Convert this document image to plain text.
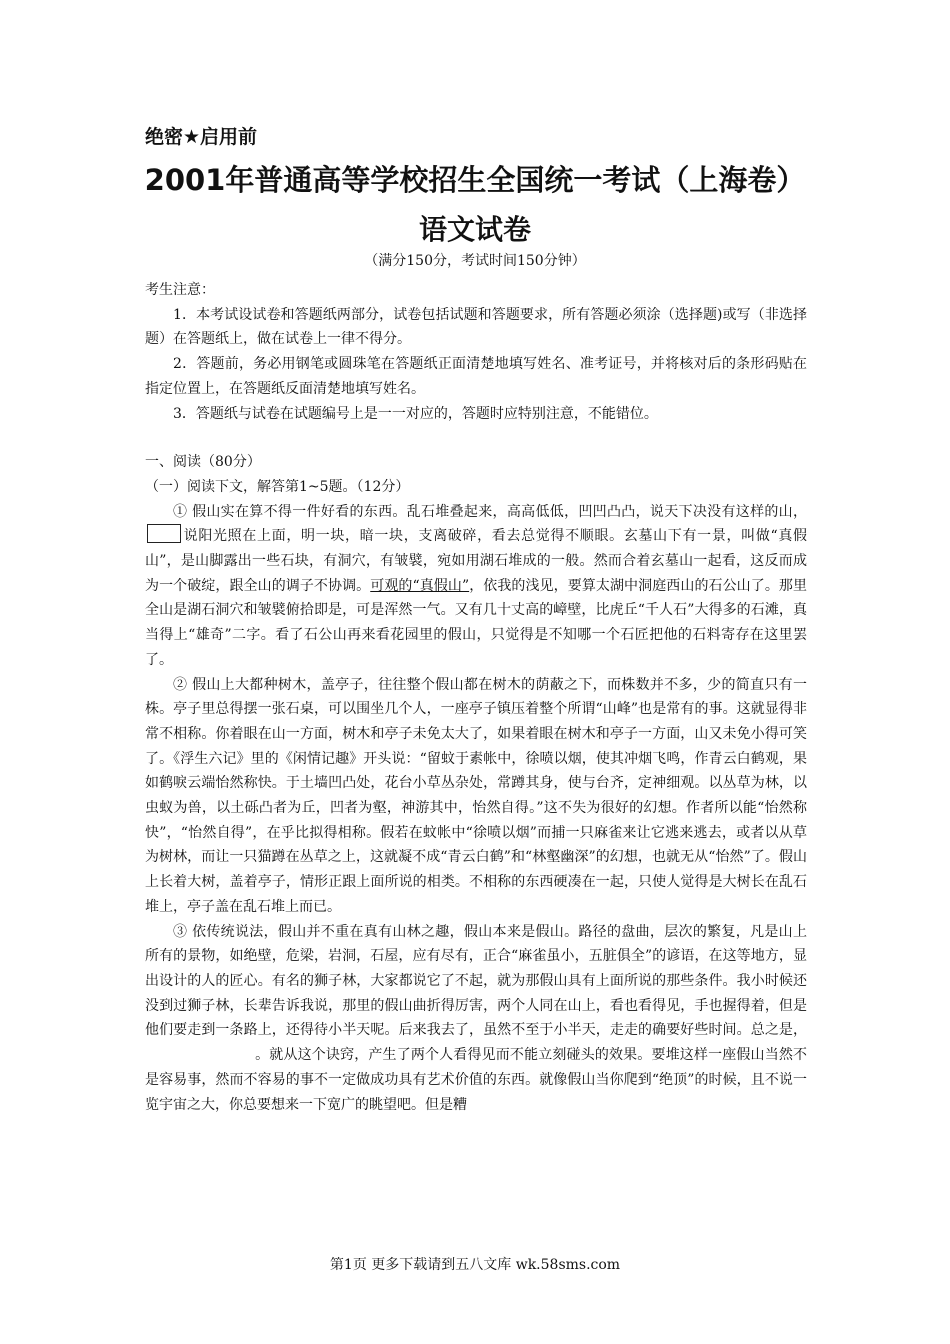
绝密★启用前
2001年普通高等学校招生全国统一考试（上海卷）
语文试卷
（满分150分，考试时间150分钟）

考生注意：

1．本考试设试卷和答题纸两部分，试卷包括试题和答题要求，所有答题必须涂（选择题)或写（非选择题）在答题纸上，做在试卷上一律不得分。

2．答题前，务必用钢笔或圆珠笔在答题纸正面清楚地填写姓名、准考证号，并将核对后的条形码贴在指定位置上，在答题纸反面清楚地填写姓名。

3．答题纸与试卷在试题编号上是一一对应的，答题时应特别注意，不能错位。

一、阅读（80分）

（一）阅读下文，解答第1~5题。（12分）

① 假山实在算不得一件好看的东西。乱石堆叠起来，高高低低，凹凹凸凸，说天下决没有这样的山，说阳光照在上面，明一块，暗一块，支离破碎，看去总觉得不顺眼。玄墓山下有一景，叫做“真假山”，是山脚露出一些石块，有洞穴，有皱襞，宛如用湖石堆成的一般。然而合着玄墓山一起看，这反而成为一个破绽，跟全山的调子不协调。可观的“真假山”，依我的浅见，要算太湖中洞庭西山的石公山了。那里全山是湖石洞穴和皱襞俯拾即是，可是浑然一气。又有几十丈高的嶂壁，比虎丘“千人石”大得多的石滩，真当得上“雄奇”二字。看了石公山再来看花园里的假山，只觉得是不知哪一个石匠把他的石料寄存在这里罢了。

② 假山上大都种树木，盖亭子，往往整个假山都在树木的荫蔽之下，而株数并不多，少的简直只有一株。亭子里总得摆一张石桌，可以围坐几个人，一座亭子镇压着整个所谓“山峰”也是常有的事。这就显得非常不相称。你着眼在山一方面，树木和亭子未免太大了，如果着眼在树木和亭子一方面，山又未免小得可笑了。《浮生六记》里的《闲情记趣》开头说：“留蚊于素帐中，徐喷以烟，使其冲烟飞鸣，作青云白鹤观，果如鹤唳云端怡然称快。于土墙凹凸处，花台小草丛杂处，常蹲其身，使与台齐，定神细观。以丛草为林，以虫蚁为兽，以土砾凸者为丘，凹者为壑，神游其中，怡然自得。”这不失为很好的幻想。作者所以能“怡然称快”，“怡然自得”，在乎比拟得相称。假若在蚊帐中“徐喷以烟”而捕一只麻雀来让它逃来逃去，或者以从草为树林，而让一只猫蹲在丛草之上，这就凝不成“青云白鹤”和“林壑幽深”的幻想，也就无从“怡然”了。假山上长着大树，盖着亭子，情形正跟上面所说的相类。不相称的东西硬凑在一起，只使人觉得是大树长在乱石堆上，亭子盖在乱石堆上而已。

③ 依传统说法，假山并不重在真有山林之趣，假山本来是假山。路径的盘曲，层次的繁复，凡是山上所有的景物，如绝壁，危梁，岩洞，石屋，应有尽有，正合“麻雀虽小，五脏俱全”的谚语，在这等地方，显出设计的人的匠心。有名的狮子林，大家都说它了不起，就为那假山具有上面所说的那些条件。我小时候还没到过狮子林，长辈告诉我说，那里的假山曲折得厉害，两个人同在山上，看也看得见，手也握得着，但是他们要走到一条路上，还得待小半天呢。后来我去了，虽然不至于小半天，走走的确要好些时间。总之是，。就从这个诀窍，产生了两个人看得见而不能立刻碰头的效果。要堆这样一座假山当然不是容易事，然而不容易的事不一定做成功具有艺术价值的东西。就像假山当你爬到“绝顶”的时候，且不说一览宇宙之大，你总要想来一下宽广的眺望吧。但是糟

第1页 更多下载请到五八文库 wk.58sms.com
